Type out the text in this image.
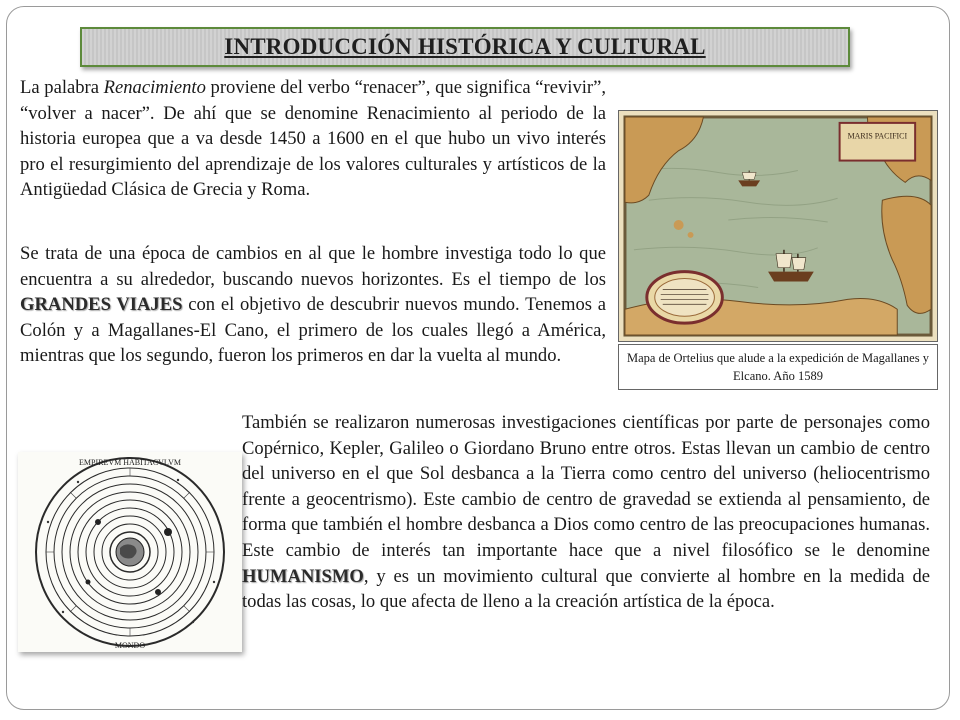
INTRODUCCIÓN HISTÓRICA Y CULTURAL

La palabra Renacimiento proviene del verbo “renacer”, que significa “revivir”, “volver a nacer”. De ahí que se denomine Renacimiento al periodo de la historia europea que a va desde 1450 a 1600 en el que hubo un vivo interés pro el resurgimiento del aprendizaje de los valores culturales y artísticos de la Antigüedad Clásica de Grecia y Roma.

Se trata de una época de cambios en al que le hombre investiga todo lo que encuentra a su alrededor, buscando nuevos horizontes. Es el tiempo de los GRANDES VIAJES con el objetivo de descubrir nuevos mundo. Tenemos a Colón y a Magallanes-El Cano, el primero de los cuales llegó a América, mientras que los segundo, fueron los primeros en dar la vuelta al mundo.

MARIS PACIFICI
Mapa de Ortelius que alude a la expedición de Magallanes y Elcano. Año 1589
EMPIREVM HABITACVLVM
MONDO

También se realizaron numerosas investigaciones científicas por parte de personajes como Copérnico, Kepler, Galileo o Giordano Bruno entre otros. Estas llevan un cambio de centro del universo en el que Sol desbanca a la Tierra como centro del universo (heliocentrismo frente a geocentrismo). Este cambio de centro de gravedad se extienda al pensamiento, de forma que también el hombre desbanca a Dios como centro de las preocupaciones humanas. Este cambio de interés tan importante hace que a nivel filosófico se le denomine HUMANISMO, y es un movimiento cultural que convierte al hombre en la medida de todas las cosas, lo que afecta de lleno a la creación artística de la época.
